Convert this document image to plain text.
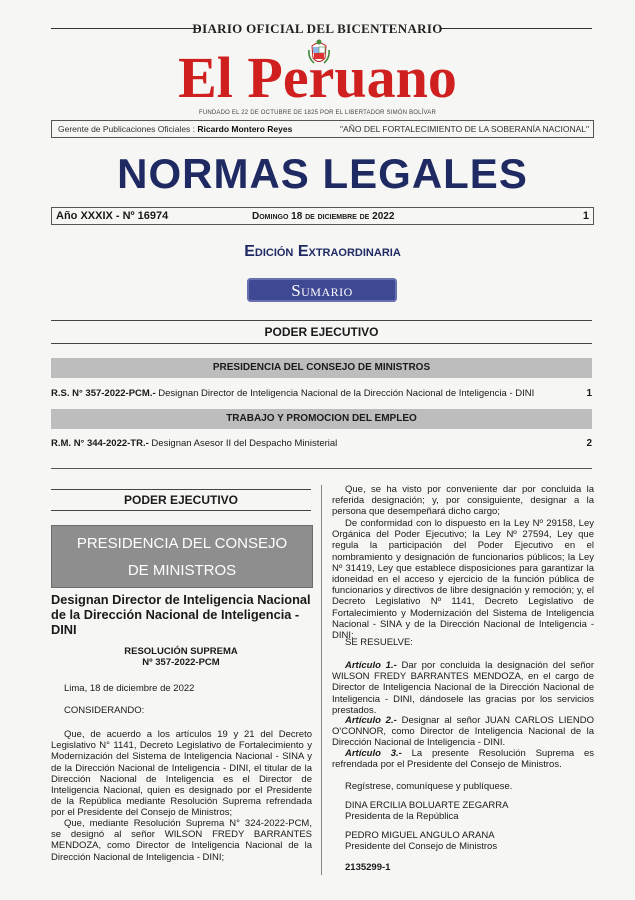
DIARIO OFICIAL DEL BICENTENARIO
El Peruano
FUNDADO EL 22 DE OCTUBRE DE 1825 POR EL LIBERTADOR SIMÓN BOLÍVAR
Gerente de Publicaciones Oficiales : Ricardo Montero Reyes	"AÑO DEL FORTALECIMIENTO DE LA SOBERANÍA NACIONAL"
NORMAS LEGALES
Año XXXIX - Nº 16974	Domingo 18 de diciembre de 2022	1
Edición Extraordinaria
Sumario
PODER EJECUTIVO
PRESIDENCIA DEL CONSEJO DE MINISTROS
R.S. N° 357-2022-PCM.- Designan Director de Inteligencia Nacional de la Dirección Nacional de Inteligencia - DINI	1
TRABAJO Y PROMOCION DEL EMPLEO
R.M. N° 344-2022-TR.- Designan Asesor II del Despacho Ministerial	2
PODER EJECUTIVO
PRESIDENCIA DEL CONSEJO
DE MINISTROS
Designan Director de Inteligencia Nacional de la Dirección Nacional de Inteligencia - DINI
RESOLUCIÓN SUPREMA
Nº 357-2022-PCM
Lima, 18 de diciembre de 2022
CONSIDERANDO:
Que, de acuerdo a los artículos 19 y 21 del Decreto Legislativo N° 1141, Decreto Legislativo de Fortalecimiento y Modernización del Sistema de Inteligencia Nacional - SINA y de la Dirección Nacional de Inteligencia - DINI, el titular de la Dirección Nacional de Inteligencia es el Director de Inteligencia Nacional, quien es designado por el Presidente de la República mediante Resolución Suprema refrendada por el Presidente del Consejo de Ministros;
Que, mediante Resolución Suprema N° 324-2022-PCM, se designó al señor WILSON FREDY BARRANTES MENDOZA, como Director de Inteligencia Nacional de la Dirección Nacional de Inteligencia - DINI;
Que, se ha visto por conveniente dar por concluida la referida designación; y, por consiguiente, designar a la persona que desempeñará dicho cargo;
De conformidad con lo dispuesto en la Ley Nº 29158, Ley Orgánica del Poder Ejecutivo; la Ley Nº 27594, Ley que regula la participación del Poder Ejecutivo en el nombramiento y designación de funcionarios públicos; la Ley Nº 31419, Ley que establece disposiciones para garantizar la idoneidad en el acceso y ejercicio de la función pública de funcionarios y directivos de libre designación y remoción; y, el Decreto Legislativo Nº 1141, Decreto Legislativo de Fortalecimiento y Modernización del Sistema de Inteligencia Nacional - SINA y de la Dirección Nacional de Inteligencia - DINI;
SE RESUELVE:
Artículo 1.- Dar por concluida la designación del señor WILSON FREDY BARRANTES MENDOZA, en el cargo de Director de Inteligencia Nacional de la Dirección Nacional de Inteligencia - DINI, dándosele las gracias por los servicios prestados.
Artículo 2.- Designar al señor JUAN CARLOS LIENDO O'CONNOR, como Director de Inteligencia Nacional de la Dirección Nacional de Inteligencia - DINI.
Artículo 3.- La presente Resolución Suprema es refrendada por el Presidente del Consejo de Ministros.
Regístrese, comuníquese y publíquese.
DINA ERCILIA BOLUARTE ZEGARRA
Presidenta de la República
PEDRO MIGUEL ANGULO ARANA
Presidente del Consejo de Ministros
2135299-1
